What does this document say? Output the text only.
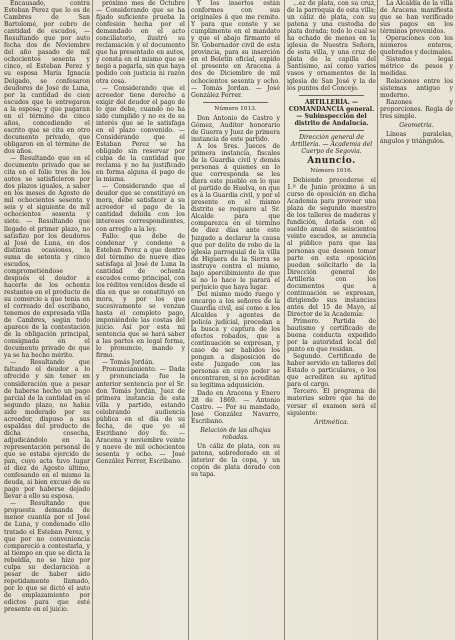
Encausado, contra Esteban Perez que lo es de Cambres de San Bartolomé, por cobro de cantidad de escudos, — Resultando que por auto fecha dos de Noviembre del año pasado de mil ochocientos sesenta y cinco, el Esteban Perez y su esposa María Ignacia Delgado, se confesaron deudores de José de Luna, por la cantidad de cien escudos que le entregaron a la esposa; y que pagaran en el término de cinco años, concediendo el escrito que se cita en otro documento privado, que obligaron en el término de dos años.

— Resultando que en el documento privado que se cita en el folio tres de los autos se satisficieron por dos plazos iguales, a saber en los meses de Agosto de mil ochocientos sesenta y seis y el siguiente de mil ochocientos sesenta y siete. — Resultando que llegado el primer plazo, no satisfizo por los deudores al José de Luna, en dos distintas ocasiones, la suma de setenta y cinco escudos, comprometiéndose después el deudor a hacerle de los ochenta restantes en el producto de su comercio a que tenia en el correado del escribano, tenemos de expresada villa de Cambres, según todo aparece de la contestación de la obligación principal, consignada en el documento privado de que ya se ha hecho mérito.

— Resultando que faltando el deudor a lo ofrecido y sin tener en consideración que a pesar de haberse hecho un pago parcial de la cantidad en el segundo plazo, no habia sido moderado por su acreedor, dispuso a sus espaldas del producto de dicha cosecha, adjudicándolo en la representación personal de que se estaba ejercido de pan, cuyo acta tuvo lugar el diez de Agosto último, confesando en el mismo la deuda, si bien excusó de su pago por haberse dejado llevar a ello su esposa.

— Resultando que propuesta demanda de menor cuantía por el José de Luna, y condenado ello tratado el Esteban Perez, y que por no conveniencia compareció a contestarla, y al tiempo en que se dicta la rebeldía, no se hizo por culpa su declaración a pesar de haber sido repetidamente llamado, por lo que se dictó el auto de emplazamiento por edictos para que esté presente en el juicio.

próximo mes de Octubre — Considerando que se ha fijado suficiente prueba la confesión hecha por el demandado en el acto conciliatorio, ilustró su reclamación y el documento que ha presentado en autos, y consta en el mismo que se negó a pagarla, sin que haya podido con justicia ni razón otra cosa.

— Considerando que el acreedor tiene derecho a exigir del deudor el pago de lo que debe, cuando no ha sido cumplido y no es de su interés que se le satisfaga en el plazo convenido. — Considerando que el Estaban Perez se ha obligado sin reservar por culpa de la cantidad que reclama y no ha justificado en forma alguna el pago de la misma.

— Considerando que el deudor que se constituyó en mora, debe satisfacer a su acreedor el pago de la cantidad debida con los intereses correspondientes, con arreglo a la ley.

Fallo: que debo de condenar y condeno a Esteban Perez a que dentro del término de nueve días satisfaga al José de Luna la cantidad de ochenta escudos como principal, con los réditos vencidos desde el día en que se constituyó en mora, y por los que sucesivamente se venzan hasta el completo pago, imponiéndole las costas del juicio. Así por esta mi sentencia que se hará saber a las partes en legal forma, lo pronuncio, mando y firmo.

— Tomás Jordán.

Pronunciamiento. — Dada y pronunciada fue la anterior sentencia por el Sr. don Tomás Jordán, Juez de primera instancia de esta villa y partido, estando celebrando audiencia pública en el día de su fecha, de que yo el Escribano doy fe. — Aracena y noviembre veinte y nueve de mil ochocientos sesenta y ocho. — José González Ferrer, Escribano.

Y los insertos están conformes con sus originales á que me remito. Y para que conste y se cumplimente en el mandato y que el abajo firmante el Sr. Gobernador civil de esta provincia, para su inserción en el Boletín oficial, expido el presente en Aracena á dos de Diciembre de mil ochocientos sesenta y ocho. — Tomás Jordan. — José González Ferrer.

Número 1013.

Don Antonio de Castro y Gómez, Auditor honorario de Guerra y Juez de primera instancia de este partido.

A los Sres. Jueces de primera instancia, fiscales de la Guardia civil y demás personas á quienes en lo que corresponda se les diera este pueblo en lo que el partido de Huelva, en que es á la Guardia civil, y por el presente en el mismo distrito se requiere al Sr. Alcalde para que comparezca en el término de diez días ante este Juzgado a declarar la causa que por delito de robo de la iglesia parroquial de la villa de Higuera de la Sierra se instruye contra el mismo, bajo apercibimiento de que si no lo hace le parará el perjuicio que haya lugar.

Del mismo modo ruego y encargo a los señores de la Guardia civil, así como a los Alcaldes y agentes de policía judicial, procedan a la busca y captura de los efectos robados, que a continuación se expresan, y caso de ser habidos los pongan a disposición de este Juzgado con las personas en cuyo poder se encontraren, si no acreditan su legítima adquisición.

Dado en Aracena y Enero 28 de 1869. — Antonio Castro. — Por su mandado, José González Navarro, Escribano.

Relación de las alhajas robadas.

Un cáliz de plata, con su patena, sobredorado en el interior de la copa, y un copón de plata dorado con su tapa.

...ez de plata, con su cruz, de la parroquia de esta villa; un cáliz de plata, con su patena y una custodia de plata dorada; todo lo cual se ha echado de menos en la iglesia de Nuestra Señora, de esta villa, y una cruz de plata de la capilla del Santísimo, así como varios vasos y ornamentos de la iglesia de San José y la de los puntos del Concejo.

ARTILLERÍA. — COMANDANCIA general. — Subinspección del distrito de Andalucía.

Dirección general de Artillería. — Academia del Cuerpo de Segovia.

Anuncio.

Número 1016.

Debiendo procederse el 1.º de Junio próximo á un curso de oposición en dicha Academia para proveer una plaza de segundo maestro de los talleres de maderas y fundición, dotada con el sueldo anual de seiscientos veinte escudos, se anuncia al público para que las personas que deseen tomar parte en esta oposición puedan solicitarlo de la Dirección general de Artillería con los documentos que a continuación se expresan, dirigiendo sus instancias antes del 15 de Mayo, al Director de la Academia:

Primero. Partida de bautismo y certificado de buena conducta expedido por la autoridad local del punto en que residan.

Segundo. Certificado de haber servido en talleres del Estado o particulares, o los que acrediten su aptitud para el cargo.

Tercero. El programa de materias sobre que ha de versar el examen será el siguiente:

Aritmética.

La Alcaldía de la villa de Aracena manifiesta que se han verificado sus pagos en los términos prevenidos.

Operaciones con los números enteros, quebrados y decimales.

Sistema legal métrico de pesos y medidas.

Relaciones entre los sistemas antiguo y moderno.

Razones y proporciones. Regla de tres simple.

Geometría.

Líneas paralelas, ángulos y triángulos.
